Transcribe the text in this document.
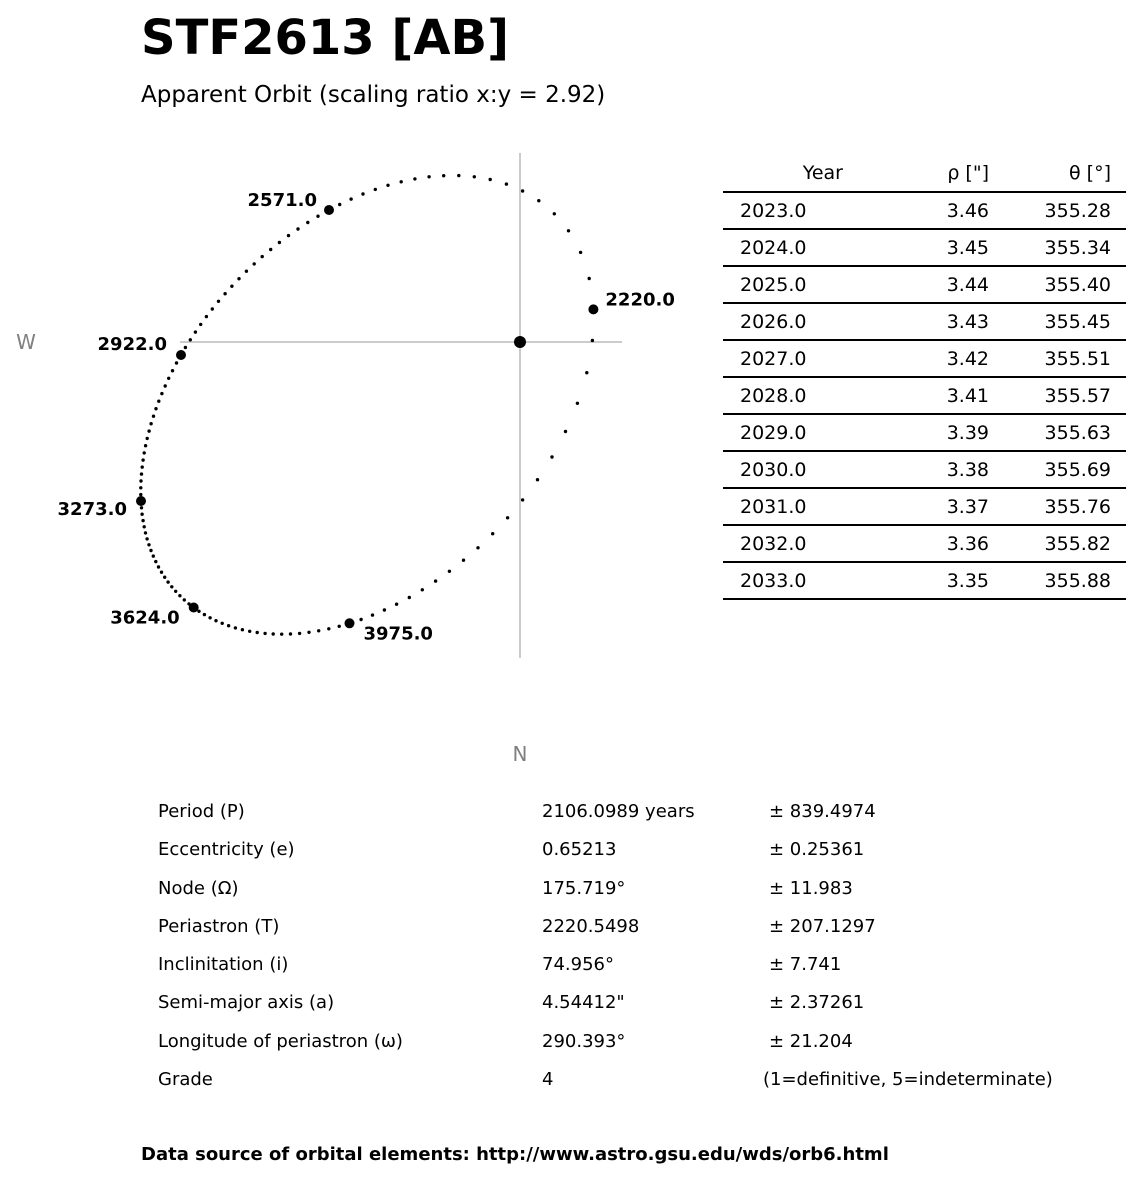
STF2613 [AB]
Apparent Orbit (scaling ratio x:y = 2.92)
W
N
2220.0
2571.0
2922.0
3273.0
3624.0
3975.0
Year	ρ ["]	θ [°]
2023.0	3.46	355.28
2024.0	3.45	355.34
2025.0	3.44	355.40
2026.0	3.43	355.45
2027.0	3.42	355.51
2028.0	3.41	355.57
2029.0	3.39	355.63
2030.0	3.38	355.69
2031.0	3.37	355.76
2032.0	3.36	355.82
2033.0	3.35	355.88
Period (P)	2106.0989 years	± 839.4974
Eccentricity (e)	0.65213	± 0.25361
Node (Ω)	175.719°	± 11.983
Periastron (T)	2220.5498	± 207.1297
Inclinitation (i)	74.956°	± 7.741
Semi-major axis (a)	4.54412"	± 2.37261
Longitude of periastron (ω)	290.393°	± 21.204
Grade	4	(1=definitive, 5=indeterminate)
Data source of orbital elements: http://www.astro.gsu.edu/wds/orb6.html
